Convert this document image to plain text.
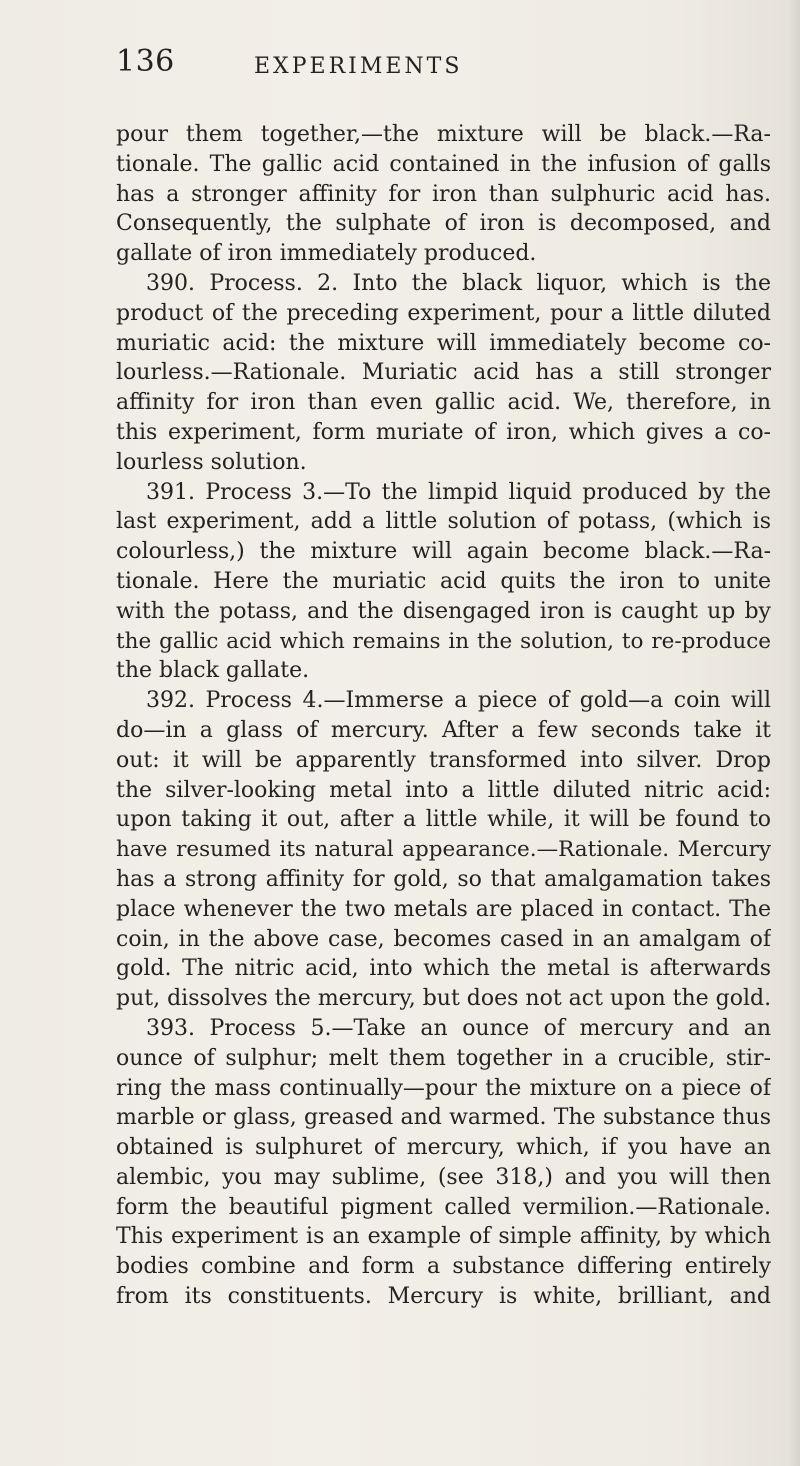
136	EXPERIMENTS
pour them together,—the mixture will be black.—Ra-
tionale. The gallic acid contained in the infusion of galls
has a stronger affinity for iron than sulphuric acid has.
Consequently, the sulphate of iron is decomposed, and
gallate of iron immediately produced.
390. Process. 2. Into the black liquor, which is the
product of the preceding experiment, pour a little diluted
muriatic acid: the mixture will immediately become co-
lourless.—Rationale. Muriatic acid has a still stronger
affinity for iron than even gallic acid. We, therefore, in
this experiment, form muriate of iron, which gives a co-
lourless solution.
391. Process 3.—To the limpid liquid produced by the
last experiment, add a little solution of potass, (which is
colourless,) the mixture will again become black.—Ra-
tionale. Here the muriatic acid quits the iron to unite
with the potass, and the disengaged iron is caught up by
the gallic acid which remains in the solution, to re-produce
the black gallate.
392. Process 4.—Immerse a piece of gold—a coin will
do—in a glass of mercury. After a few seconds take it
out: it will be apparently transformed into silver. Drop
the silver-looking metal into a little diluted nitric acid:
upon taking it out, after a little while, it will be found to
have resumed its natural appearance.—Rationale. Mercury
has a strong affinity for gold, so that amalgamation takes
place whenever the two metals are placed in contact. The
coin, in the above case, becomes cased in an amalgam of
gold. The nitric acid, into which the metal is afterwards
put, dissolves the mercury, but does not act upon the gold.
393. Process 5.—Take an ounce of mercury and an
ounce of sulphur; melt them together in a crucible, stir-
ring the mass continually—pour the mixture on a piece of
marble or glass, greased and warmed. The substance thus
obtained is sulphuret of mercury, which, if you have an
alembic, you may sublime, (see 318,) and you will then
form the beautiful pigment called vermilion.—Rationale.
This experiment is an example of simple affinity, by which
bodies combine and form a substance differing entirely
from its constituents. Mercury is white, brilliant, and
